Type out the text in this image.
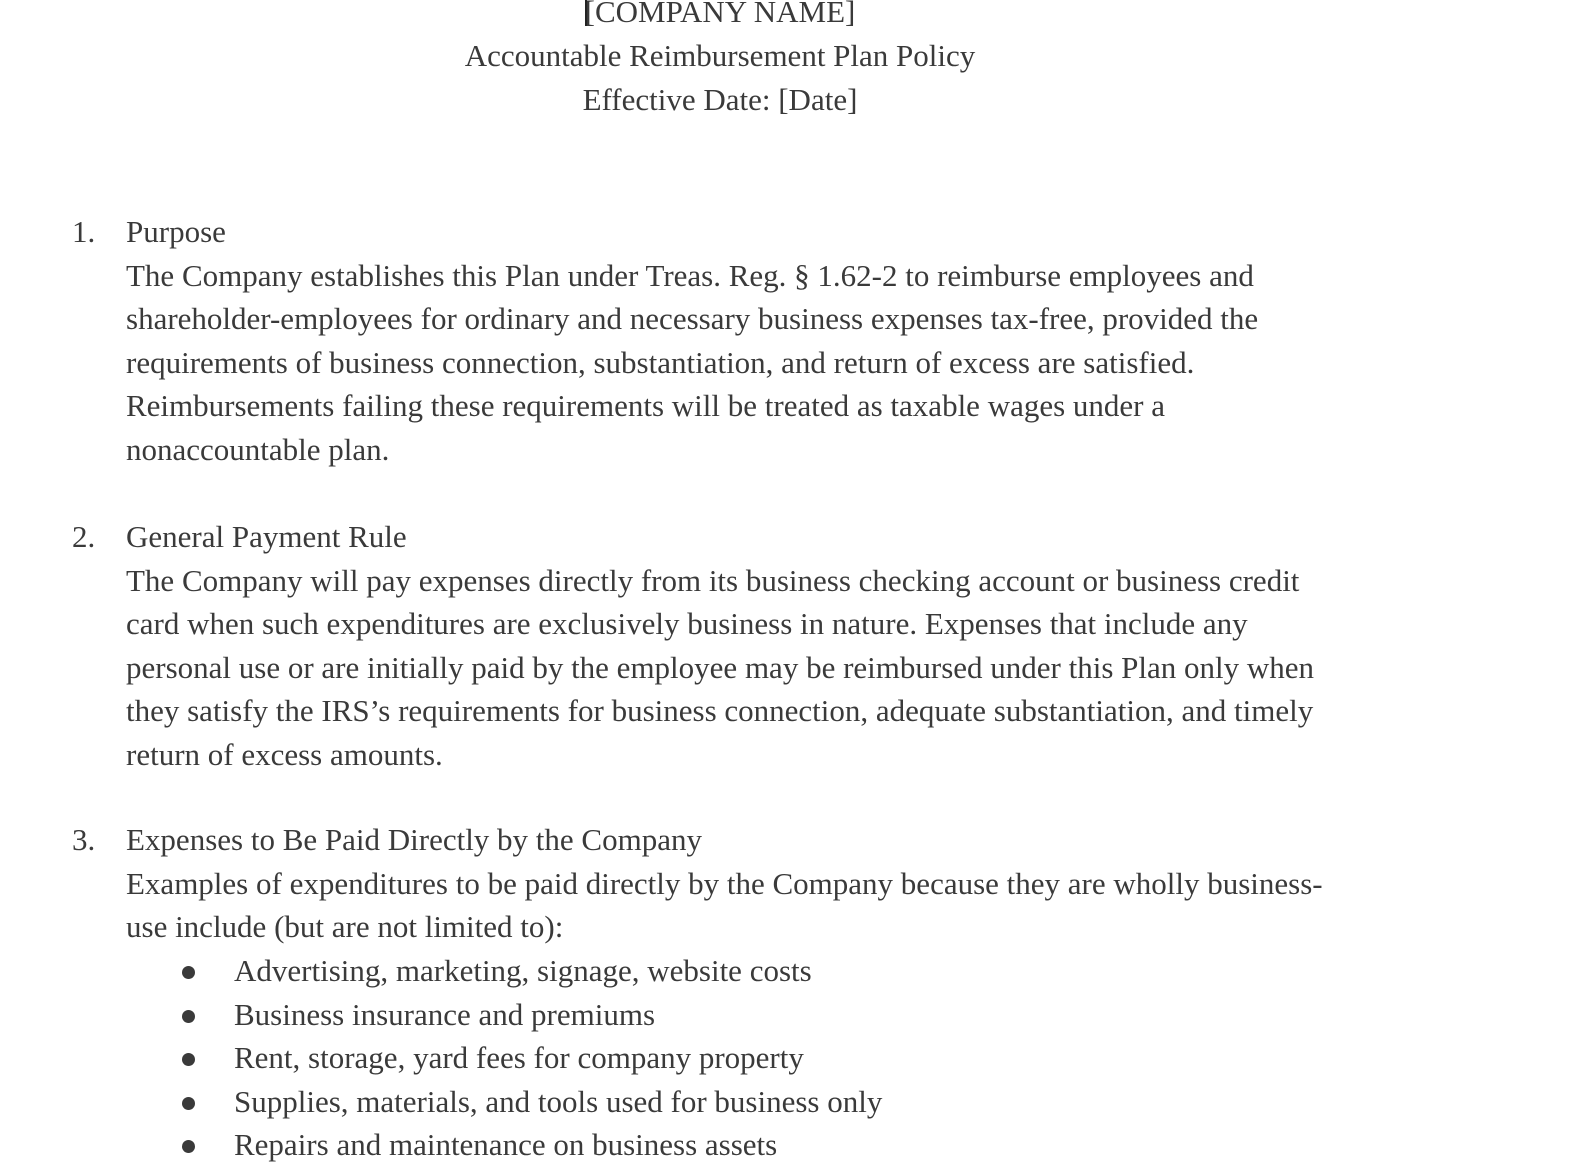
[COMPANY NAME]
Accountable Reimbursement Plan Policy
Effective Date: [Date]
1. Purpose
The Company establishes this Plan under Treas. Reg. § 1.62-2 to reimburse employees and
shareholder-employees for ordinary and necessary business expenses tax-free, provided the
requirements of business connection, substantiation, and return of excess are satisfied.
Reimbursements failing these requirements will be treated as taxable wages under a
nonaccountable plan.
2. General Payment Rule
The Company will pay expenses directly from its business checking account or business credit
card when such expenditures are exclusively business in nature. Expenses that include any
personal use or are initially paid by the employee may be reimbursed under this Plan only when
they satisfy the IRS’s requirements for business connection, adequate substantiation, and timely
return of excess amounts.
3. Expenses to Be Paid Directly by the Company
Examples of expenditures to be paid directly by the Company because they are wholly business-
use include (but are not limited to):
Advertising, marketing, signage, website costs
Business insurance and premiums
Rent, storage, yard fees for company property
Supplies, materials, and tools used for business only
Repairs and maintenance on business assets
